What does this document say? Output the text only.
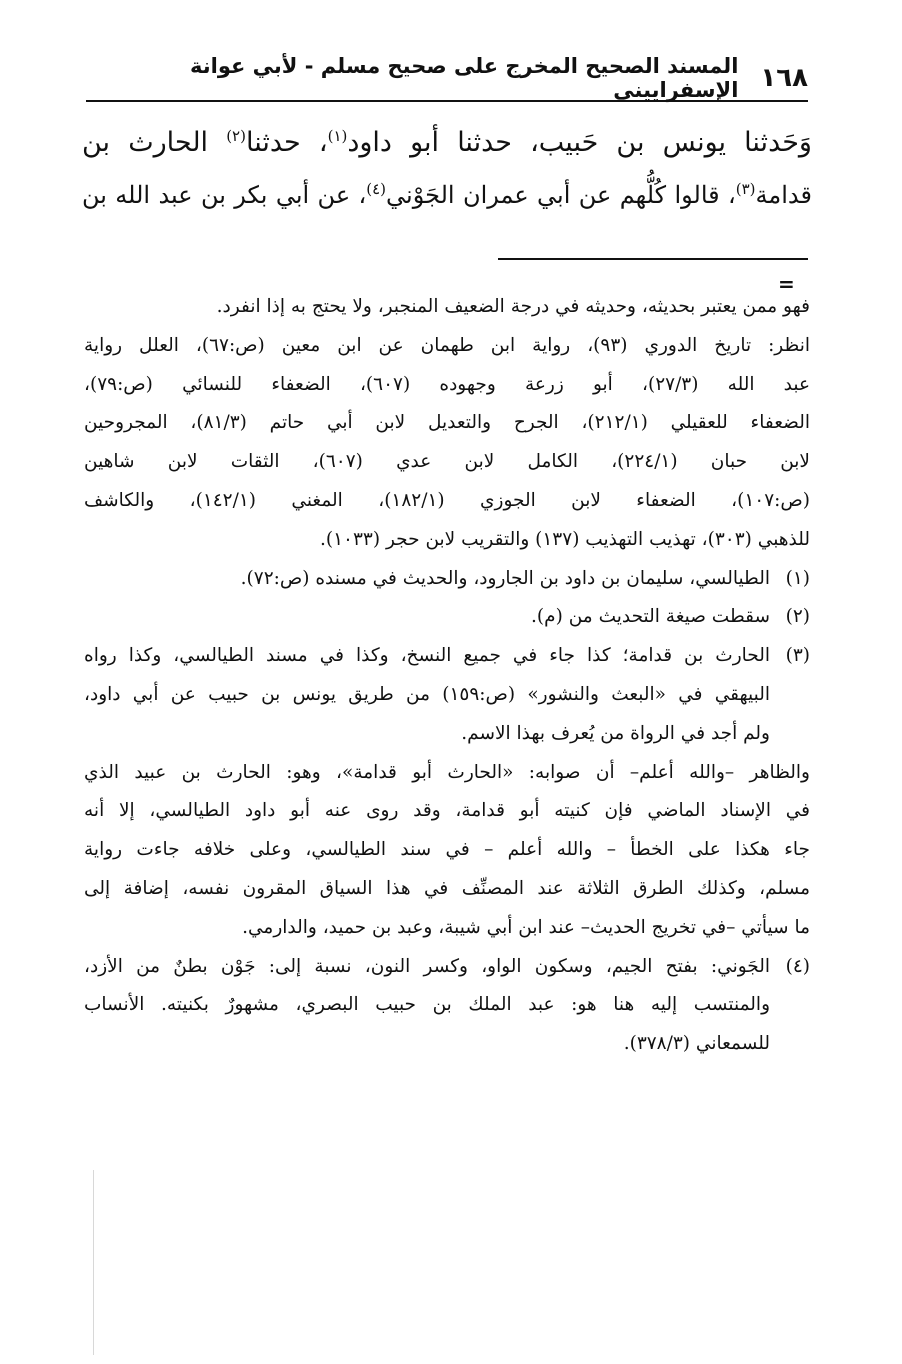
١٦٨
المسند الصحيح المخرج على صحيح مسلم - لأبي عوانة الإسفراييني
وَحَدثنا يونس بن حَبيب، حدثنا أبو داود$^{(١)}$، حدثنا$^{(٢)}$ الحارث بن
قدامة$^{(٣)}$، قالوا كُلُّهم عن أبي عمران الجَوْني$^{(٤)}$، عن أبي بكر بن عبد الله بن
=
فهو ممن يعتبر بحديثه، وحديثه في درجة الضعيف المنجبر، ولا يحتج به إذا انفرد.
انظر: تاريخ الدوري (٩٣)، رواية ابن طهمان عن ابن معين (ص:٦٧)، العلل رواية
عبد الله (٢٧/٣)، أبو زرعة وجهوده (٦٠٧)، الضعفاء للنسائي (ص:٧٩)،
الضعفاء للعقيلي (٢١٢/١)، الجرح والتعديل لابن أبي حاتم (٨١/٣)، المجروحين
لابن حبان (٢٢٤/١)، الكامل لابن عدي (٦٠٧)، الثقات لابن شاهين
(ص:١٠٧)، الضعفاء لابن الجوزي (١٨٢/١)، المغني (١٤٢/١)، والكاشف
للذهبي (٣٠٣)، تهذيب التهذيب (١٣٧) والتقريب لابن حجر (١٠٣٣).
(١)
الطيالسي، سليمان بن داود بن الجارود، والحديث في مسنده (ص:٧٢).
(٢)
سقطت صيغة التحديث من (م).
(٣)
الحارث بن قدامة؛ كذا جاء في جميع النسخ، وكذا في مسند الطيالسي، وكذا رواه
البيهقي في «البعث والنشور» (ص:١٥٩) من طريق يونس بن حبيب عن أبي داود،
ولم أجد في الرواة من يُعرف بهذا الاسم.
والظاهر –والله أعلم– أن صوابه: «الحارث أبو قدامة»، وهو: الحارث بن عبيد الذي
في الإسناد الماضي فإن كنيته أبو قدامة، وقد روى عنه أبو داود الطيالسي، إلا أنه
جاء هكذا على الخطأ – والله أعلم – في سند الطيالسي، وعلى خلافه جاءت رواية
مسلم، وكذلك الطرق الثلاثة عند المصنِّف في هذا السياق المقرون نفسه، إضافة إلى
ما سيأتي –في تخريج الحديث– عند ابن أبي شيبة، وعبد بن حميد، والدارمي.
(٤)
الجَوني: بفتح الجيم، وسكون الواو، وكسر النون، نسبة إلى: جَوْن بطنٌ من الأزد،
والمنتسب إليه هنا هو: عبد الملك بن حبيب البصري، مشهورٌ بكنيته. الأنساب
للسمعاني (٣٧٨/٣).
